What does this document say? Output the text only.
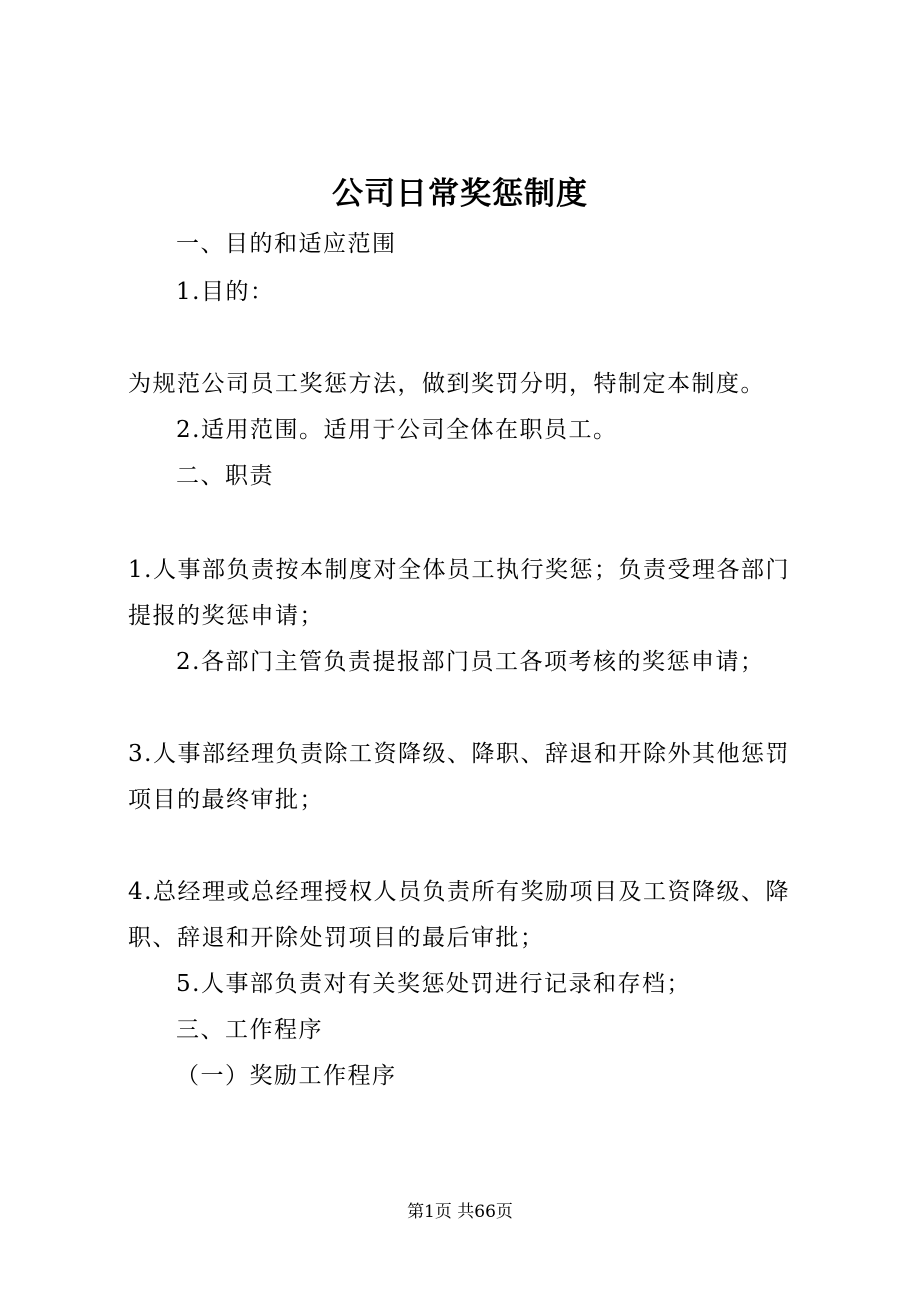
公司日常奖惩制度
一、目的和适应范围
1.目的：
为规范公司员工奖惩方法，做到奖罚分明，特制定本制度。
2.适用范围。适用于公司全体在职员工。
二、职责
1.人事部负责按本制度对全体员工执行奖惩；负责受理各部门
提报的奖惩申请；
2.各部门主管负责提报部门员工各项考核的奖惩申请；
3.人事部经理负责除工资降级、降职、辞退和开除外其他惩罚
项目的最终审批；
4.总经理或总经理授权人员负责所有奖励项目及工资降级、降
职、辞退和开除处罚项目的最后审批；
5.人事部负责对有关奖惩处罚进行记录和存档；
三、工作程序
（一）奖励工作程序
第1页 共66页
